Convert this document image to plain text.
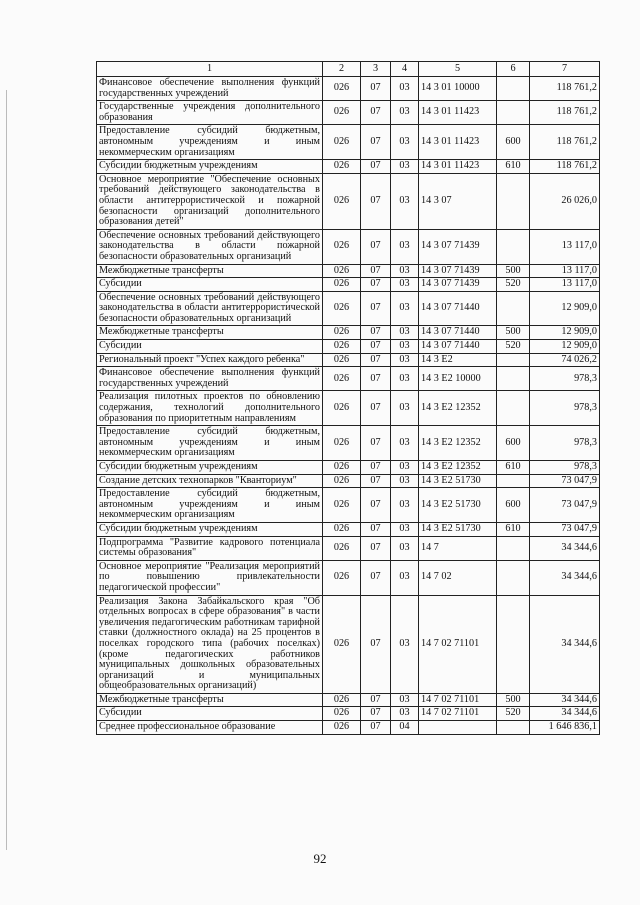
1	2	3	4	5	6	7
Финансовое обеспечение выполнения функций государственных учреждений	026	07	03	14 3 01 10000		118 761,2
Государственные учреждения дополнительного образования	026	07	03	14 3 01 11423		118 761,2
Предоставление субсидий бюджетным, автономным учреждениям и иным некоммерческим организациям	026	07	03	14 3 01 11423	600	118 761,2
Субсидии бюджетным учреждениям	026	07	03	14 3 01 11423	610	118 761,2
Основное мероприятие "Обеспечение основных требований действующего законодательства в области антитеррористической и пожарной безопасности организаций дополнительного образования детей"	026	07	03	14 3 07		26 026,0
Обеспечение основных требований действующего законодательства в области пожарной безопасности образовательных организаций	026	07	03	14 3 07 71439		13 117,0
Межбюджетные трансферты	026	07	03	14 3 07 71439	500	13 117,0
Субсидии	026	07	03	14 3 07 71439	520	13 117,0
Обеспечение основных требований действующего законодательства в области антитеррористической безопасности образовательных организаций	026	07	03	14 3 07 71440		12 909,0
Межбюджетные трансферты	026	07	03	14 3 07 71440	500	12 909,0
Субсидии	026	07	03	14 3 07 71440	520	12 909,0
Региональный проект "Успех каждого ребенка"	026	07	03	14 3 E2		74 026,2
Финансовое обеспечение выполнения функций государственных учреждений	026	07	03	14 3 E2 10000		978,3
Реализация пилотных проектов по обновлению содержания, технологий дополнительного образования по приоритетным направлениям	026	07	03	14 3 E2 12352		978,3
Предоставление субсидий бюджетным, автономным учреждениям и иным некоммерческим организациям	026	07	03	14 3 E2 12352	600	978,3
Субсидии бюджетным учреждениям	026	07	03	14 3 E2 12352	610	978,3
Создание детских технопарков "Кванториум"	026	07	03	14 3 E2 51730		73 047,9
Предоставление субсидий бюджетным, автономным учреждениям и иным некоммерческим организациям	026	07	03	14 3 E2 51730	600	73 047,9
Субсидии бюджетным учреждениям	026	07	03	14 3 E2 51730	610	73 047,9
Подпрограмма "Развитие кадрового потенциала системы образования"	026	07	03	14 7		34 344,6
Основное мероприятие "Реализация мероприятий по повышению привлекательности педагогической профессии"	026	07	03	14 7 02		34 344,6
Реализация Закона Забайкальского края "Об отдельных вопросах в сфере образования" в части увеличения педагогическим работникам тарифной ставки (должностного оклада) на 25 процентов в поселках городского типа (рабочих поселках) (кроме педагогических работников муниципальных дошкольных образовательных организаций и муниципальных общеобразовательных организаций)	026	07	03	14 7 02 71101		34 344,6
Межбюджетные трансферты	026	07	03	14 7 02 71101	500	34 344,6
Субсидии	026	07	03	14 7 02 71101	520	34 344,6
Среднее профессиональное образование	026	07	04			1 646 836,1
92
